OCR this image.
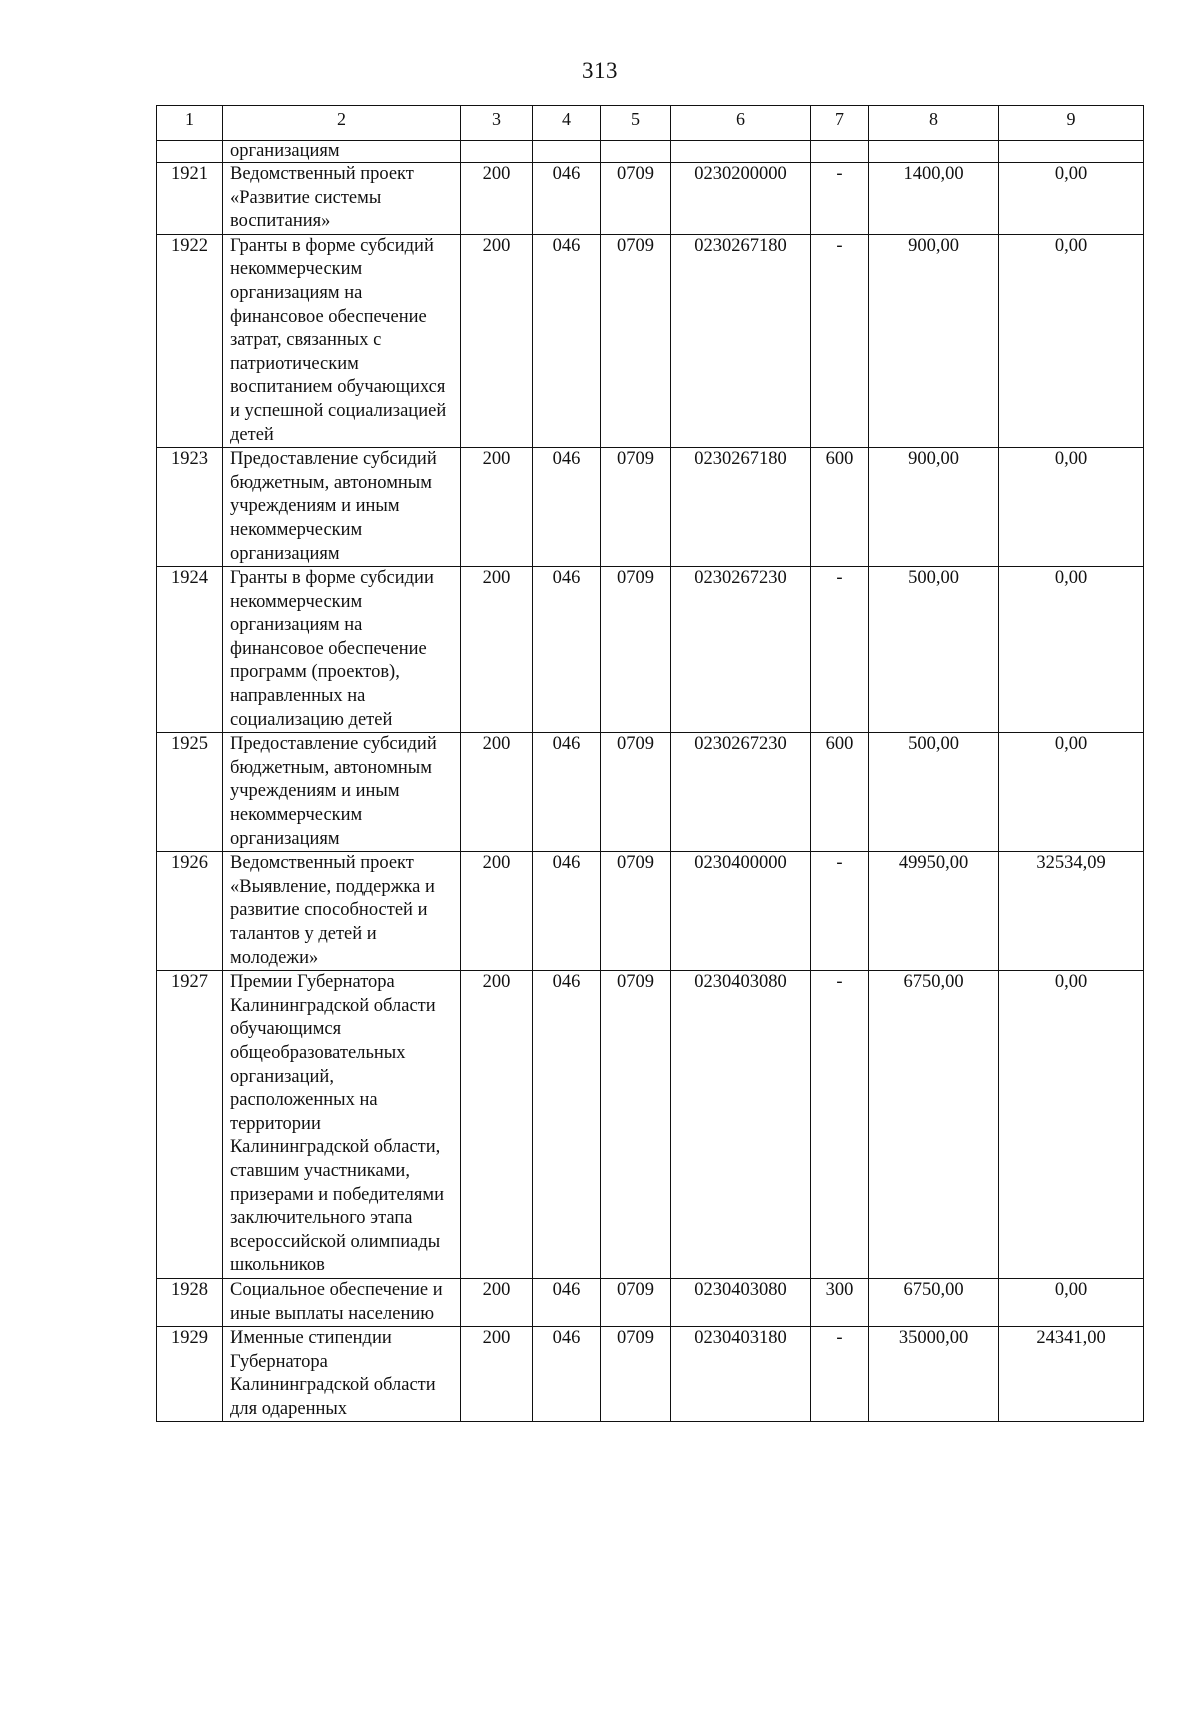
313
1	2	3	4	5	6	7	8	9
	организациям							
1921	Ведомственный проект «Развитие системы воспитания»	200	046	0709	0230200000	-	1400,00	0,00
1922	Гранты в форме субсидий некоммерческим организациям на финансовое обеспечение затрат, связанных с патриотическим воспитанием обучающихся и успешной социализацией детей	200	046	0709	0230267180	-	900,00	0,00
1923	Предоставление субсидий бюджетным, автономным учреждениям и иным некоммерческим организациям	200	046	0709	0230267180	600	900,00	0,00
1924	Гранты в форме субсидии некоммерческим организациям на финансовое обеспечение программ (проектов), направленных на социализацию детей	200	046	0709	0230267230	-	500,00	0,00
1925	Предоставление субсидий бюджетным, автономным учреждениям и иным некоммерческим организациям	200	046	0709	0230267230	600	500,00	0,00
1926	Ведомственный проект «Выявление, поддержка и развитие способностей и талантов у детей и молодежи»	200	046	0709	0230400000	-	49950,00	32534,09
1927	Премии Губернатора Калининградской области обучающимся общеобразовательных организаций, расположенных на территории Калининградской области, ставшим участниками, призерами и победителями заключительного этапа всероссийской олимпиады школьников	200	046	0709	0230403080	-	6750,00	0,00
1928	Социальное обеспечение и иные выплаты населению	200	046	0709	0230403080	300	6750,00	0,00
1929	Именные стипендии Губернатора Калининградской области для одаренных	200	046	0709	0230403180	-	35000,00	24341,00
